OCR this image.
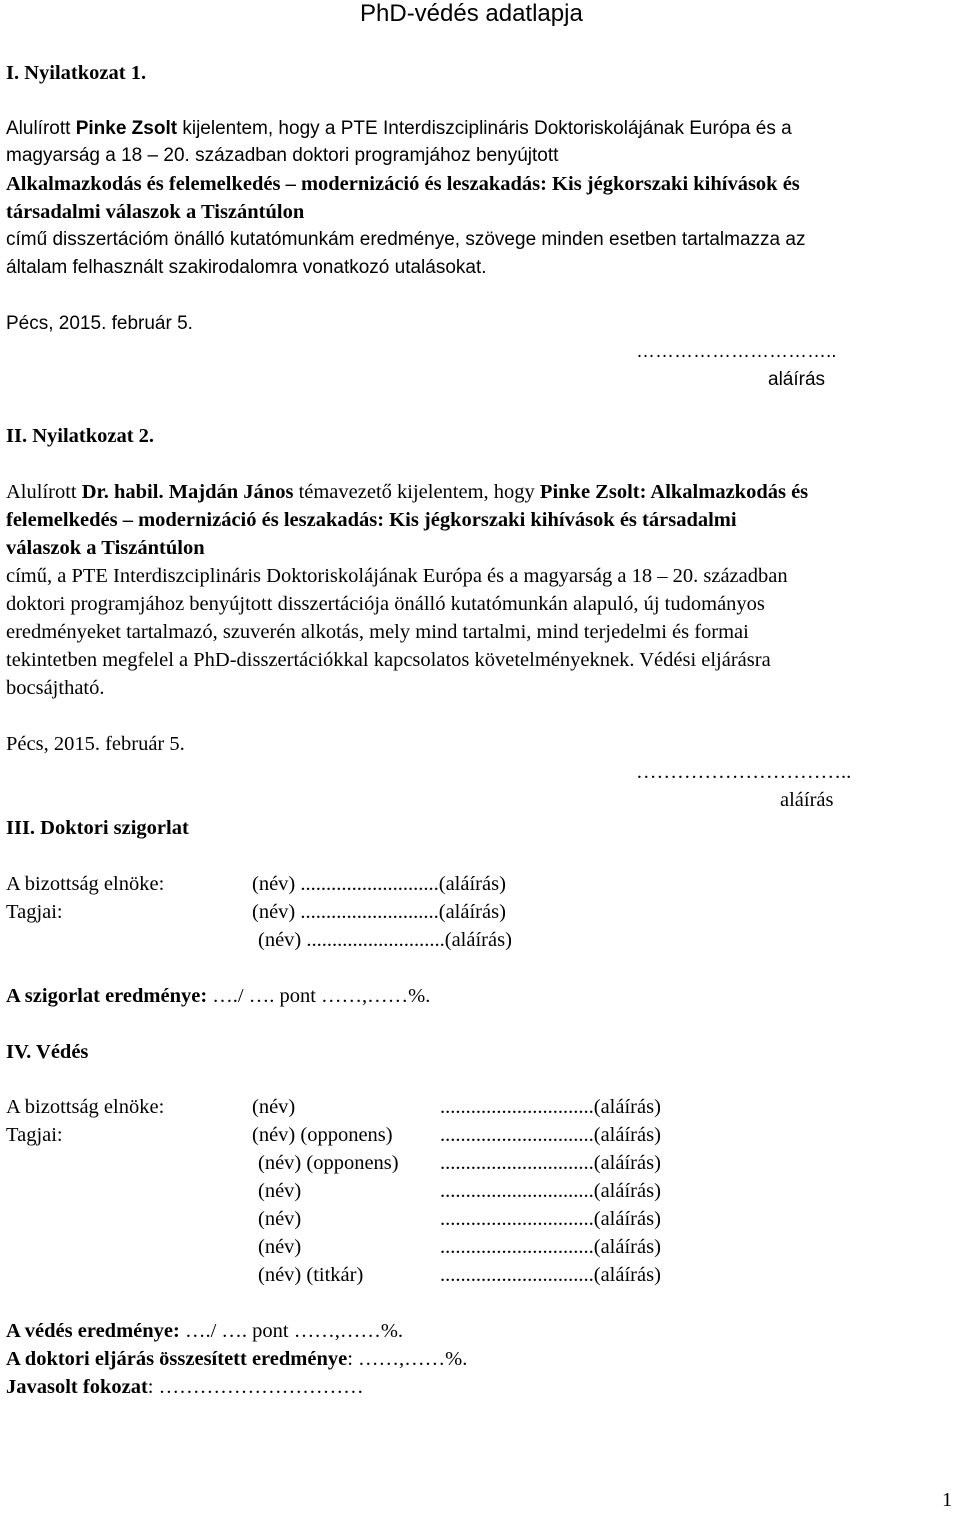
PhD-védés adatlapja
I. Nyilatkozat 1.
Alulírott Pinke Zsolt kijelentem, hogy a PTE Interdiszciplináris Doktoriskolájának Európa és a
magyarság a 18 – 20. században doktori programjához benyújtott
Alkalmazkodás és felemelkedés – modernizáció és leszakadás: Kis jégkorszaki kihívások és
társadalmi válaszok a Tiszántúlon
című disszertációm önálló kutatómunkám eredménye, szövege minden esetben tartalmazza az
általam felhasznált szakirodalomra vonatkozó utalásokat.
Pécs, 2015. február 5.
…………………………..
aláírás
II. Nyilatkozat 2.
Alulírott Dr. habil. Majdán János témavezető kijelentem, hogy Pinke Zsolt: Alkalmazkodás és
felemelkedés – modernizáció és leszakadás: Kis jégkorszaki kihívások és társadalmi
válaszok a Tiszántúlon
című, a PTE Interdiszciplináris Doktoriskolájának Európa és a magyarság a 18 – 20. században
doktori programjához benyújtott disszertációja önálló kutatómunkán alapuló, új tudományos
eredményeket tartalmazó, szuverén alkotás, mely mind tartalmi, mind terjedelmi és formai
tekintetben megfelel a PhD-disszertációkkal kapcsolatos követelményeknek. Védési eljárásra
bocsájtható.
Pécs, 2015. február 5.
…………………………..
aláírás
III. Doktori szigorlat
A bizottság elnöke:
Tagjai:
(név) ...........................(aláírás)
(név) ...........................(aláírás)
(név) ...........................(aláírás)
A szigorlat eredménye: …./ …. pont ……,……%.
IV. Védés
A bizottság elnöke:
Tagjai:
(név)
(név) (opponens)
(név) (opponens)
(név)
(név)
(név)
(név) (titkár)
..............................(aláírás)
..............................(aláírás)
..............................(aláírás)
..............................(aláírás)
..............................(aláírás)
..............................(aláírás)
..............................(aláírás)
A védés eredménye: …./ …. pont ……,……%.
A doktori eljárás összesített eredménye: ……,……%.
Javasolt fokozat: …………………………
1
